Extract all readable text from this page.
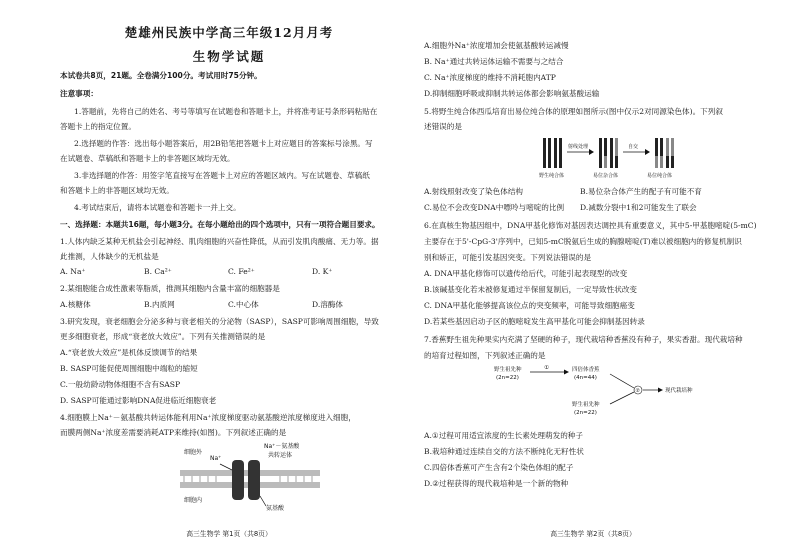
楚雄州民族中学高三年级12月月考
生物学试题
本试卷共8页，21题。全卷满分100分。考试用时75分钟。
注意事项：
1.答题前，先将自己的姓名、考号等填写在试题卷和答题卡上，并将准考证号条形码粘贴在
答题卡上的指定位置。
2.选择题的作答：选出每小题答案后，用2B铅笔把答题卡上对应题目的答案标号涂黑。写
在试题卷、草稿纸和答题卡上的非答题区域均无效。
3.非选择题的作答：用签字笔直接写在答题卡上对应的答题区域内。写在试题卷、草稿纸
和答题卡上的非答题区域均无效。
4.考试结束后，请将本试题卷和答题卡一并上交。
一、选择题：本题共16题，每小题3分。在每小题给出的四个选项中，只有一项符合题目要求。
1.人体内缺乏某种无机盐会引起神经、肌肉细胞的兴奋性降低，从而引发肌肉酸痛、无力等。据
此推测，人体缺少的无机盐是
A. Na⁺	B. Ca²⁺	C. Fe²⁺	D. K⁺
2.某细胞能合成性激素等脂质，推测其细胞内含量丰富的细胞器是
A.核糖体	B.内质网	C.中心体	D.溶酶体
3.研究发现，衰老细胞会分泌多种与衰老相关的分泌物（SASP），SASP可影响周围细胞，导致
更多细胞衰老，形成“衰老放大效应”。下列有关推测错误的是
A.“衰老放大效应”是机体反馈调节的结果
B. SASP可能促使周围细胞中端粒的缩短
C.一般幼龄动物体细胞不含有SASP
D. SASP可能通过影响DNA促进临近细胞衰老
4.细胞膜上Na⁺－氨基酸共转运体能利用Na⁺浓度梯度驱动氨基酸逆浓度梯度进入细胞，
而膜两侧Na⁺浓度差需要消耗ATP来维持(如图)。下列叙述正确的是
细胞外
细胞内
Na⁺－氨基酸
共转运体
Na⁺
氨基酸
高三生物学 第1页（共8页）
A.细胞外Na⁺浓度增加会使氨基酸转运减慢
B. Na⁺通过共转运体运输不需要与之结合
C. Na⁺浓度梯度的维持不消耗胞内ATP
D.抑制细胞呼吸或抑制共转运体都会影响氨基酸运输
5.将野生纯合体西瓜培育出易位纯合体的原理如图所示(图中仅示2对同源染色体)。下列叙
述错误的是
射线处理	自交
野生纯合体	易位杂合体	易位纯合体
A.射线照射改变了染色体结构	B.易位杂合体产生的配子有可能不育
C.易位不会改变DNA中嘌呤与嘧啶的比例 D.减数分裂中1和2可能发生了联会
6.在真核生物基因组中，DNA甲基化修饰对基因表达调控具有重要意义，其中5-甲基胞嘧啶(5-mC)
主要存在于5'-CpG-3'序列中，已知5-mC脱氨后生成的胸腺嘧啶(T)难以被细胞内的修复机制识
别和矫正，可能引发基因突变。下列说法错误的是
A. DNA甲基化修饰可以遗传给后代，可能引起表现型的改变
B.该碱基变化若未被修复通过半保留复制后，一定导致性状改变
C. DNA甲基化能够提高该位点的突变频率，可能导致细胞癌变
D.若某些基因启动子区的胞嘧啶发生高甲基化可能会抑制基因转录
7.香蕉野生祖先种果实内充满了坚硬的种子，现代栽培种香蕉没有种子，果实香甜。现代栽培种
的培育过程如图，下列叙述正确的是
野生祖先种
(2n=22)
①	四倍体香蕉
(4n=44)
野生祖先种
(2n=22)
②	现代栽培种
A.①过程可用适宜浓度的生长素处理萌发的种子
B.栽培种通过连续自交的方法不断纯化无籽性状
C.四倍体香蕉可产生含有2个染色体组的配子
D.②过程获得的现代栽培种是一个新的物种
高三生物学 第2页（共8页）
